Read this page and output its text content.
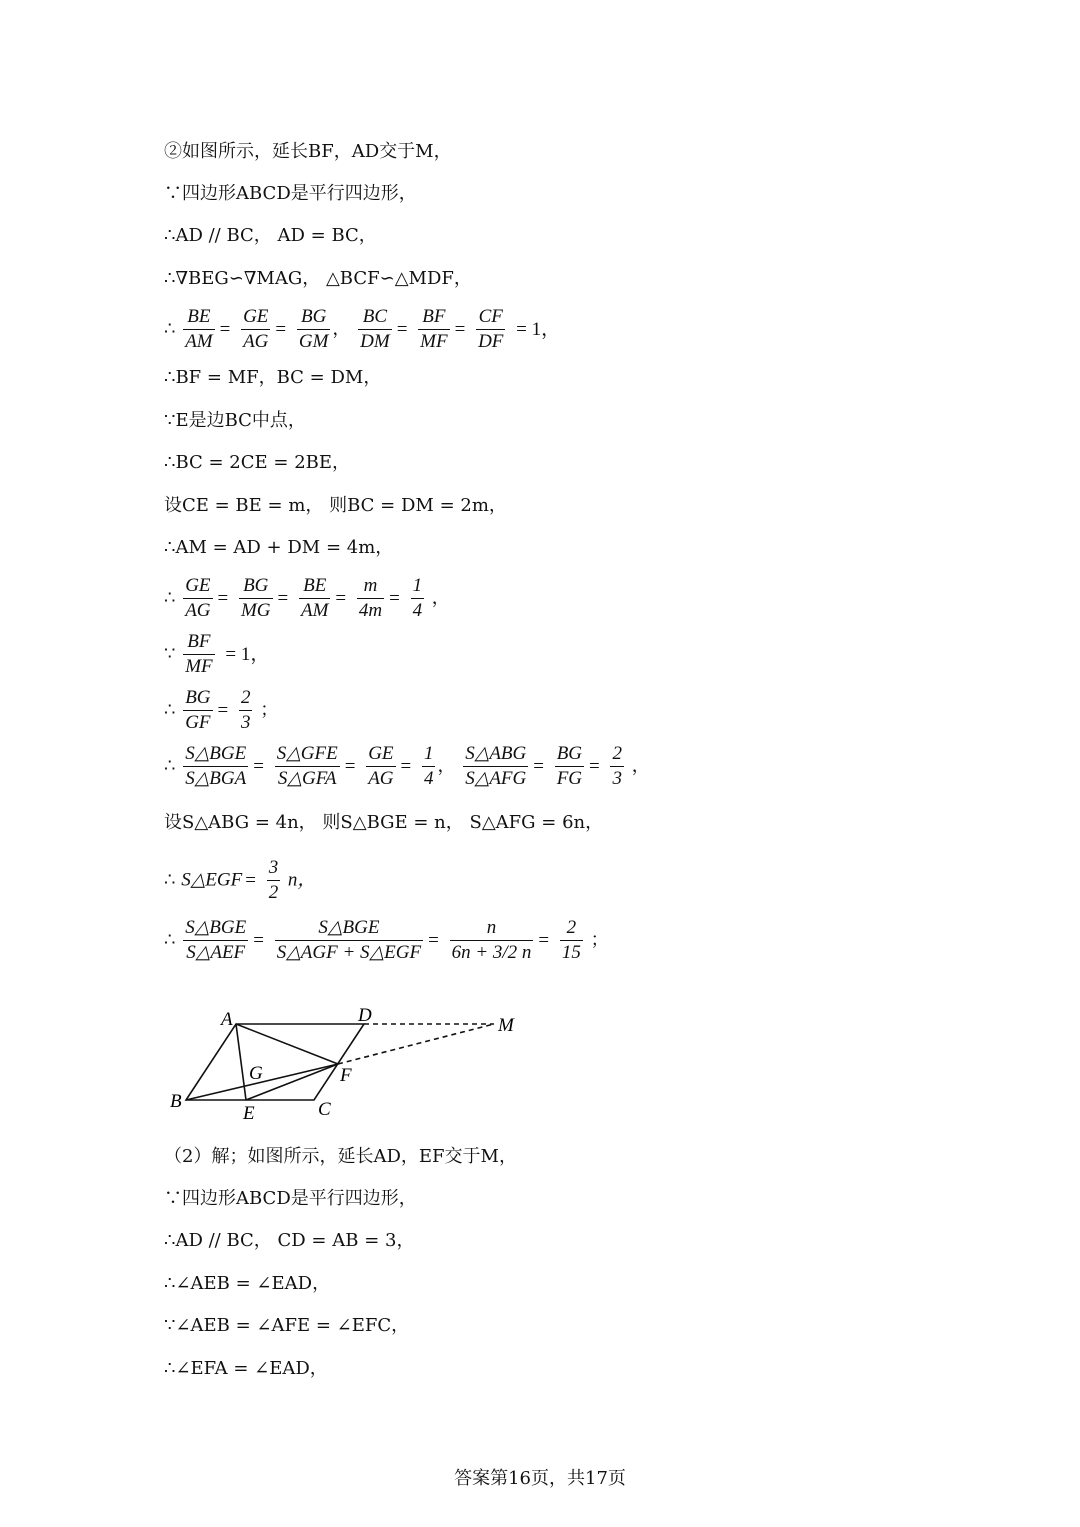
②如图所示，延长BF，AD交于M，
∵四边形ABCD是平行四边形，
∴AD // BC， AD = BC，
∴∇BEG∽∇MAG， △BCF∽△MDF，
∴ $\frac{BE}{AM} = \frac{GE}{AG} = \frac{BG}{GM}$ ， $\frac{BC}{DM} = \frac{BF}{MF} = \frac{CF}{DF} = 1$，
∴BF = MF，BC = DM，
∵E是边BC中点，
∴BC = 2CE = 2BE，
设CE = BE = m， 则BC = DM = 2m，
∴AM = AD + DM = 4m，
∴ $\frac{GE}{AG} = \frac{BG}{MG} = \frac{BE}{AM} = \frac{m}{4m} = \frac{1}{4}$ ，
∵ $\frac{BF}{MF} = 1$，
∴ $\frac{BG}{GF} = \frac{2}{3}$ ；
∴ $\frac{\text{S△BGE}}{\text{S△BGA}} = \frac{\text{S△GFE}}{\text{S△GFA}} = \frac{GE}{AG} = \frac{1}{4}$ ， $\frac{\text{S△ABG}}{\text{S△AFG}} = \frac{BG}{FG} = \frac{2}{3}$ ，
设S△ABG = 4n， 则S△BGE = n， S△AFG = 6n，
∴ S△EGF = $\frac{3}{2}$ n，
∴ $\frac{\text{S△BGE}}{\text{S△AEF}} = \frac{\text{S△BGE}}{\text{S△AGF + S△EGF}} = \frac{n}{6n + 3/2 n} = \frac{2}{15}$ ；
A	D	M
G	F
B
E	C
（2）解；如图所示，延长AD，EF交于M，
∵四边形ABCD是平行四边形，
∴AD // BC， CD = AB = 3，
∴∠AEB = ∠EAD，
∵∠AEB = ∠AFE = ∠EFC，
∴∠EFA = ∠EAD，
答案第16页，共17页
